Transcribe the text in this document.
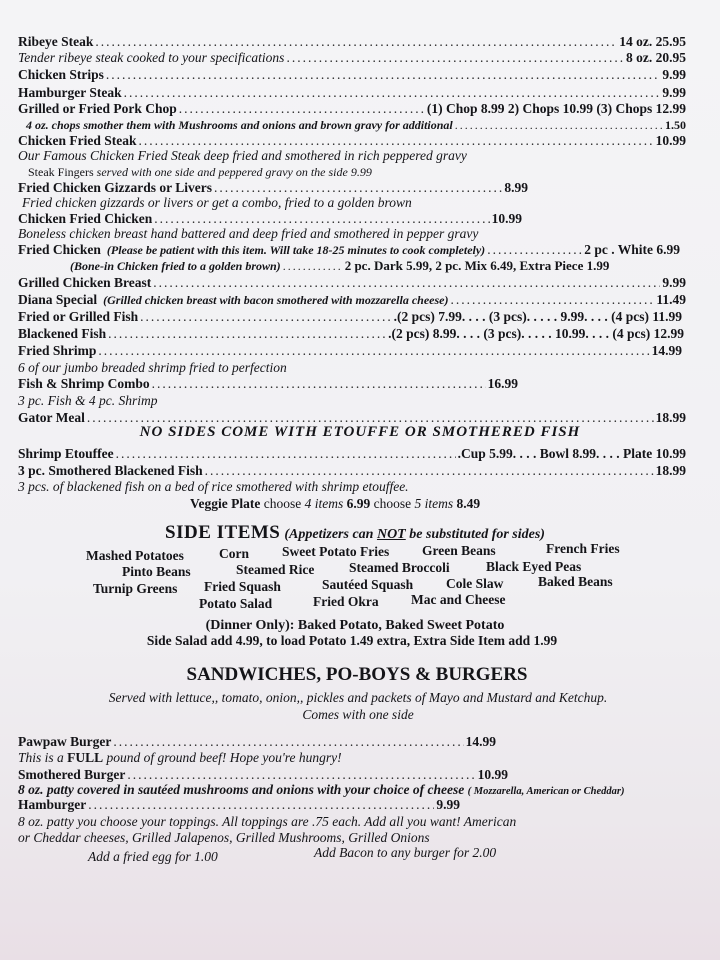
Ribeye Steak .....	14 oz. 25.95
Tender ribeye steak cooked to your specifications .....	8 oz. 20.95
Chicken Strips .....	9.99
Hamburger Steak .....	9.99
Grilled or Fried Pork Chop .....	(1) Chop 8.99 2) Chops 10.99 (3) Chops 12.99
4 oz. chops smother them with Mushrooms and onions and brown gravy for additional .....	1.50
Chicken Fried Steak .....	10.99
Our Famous Chicken Fried Steak deep fried and smothered in rich peppered gravy
Steak Fingers served with one side and peppered gravy on the side 9.99
Fried Chicken Gizzards or Livers .....	8.99
Fried chicken gizzards or livers or get a combo, fried to a golden brown
Chicken Fried Chicken .....	10.99
Boneless chicken breast hand battered and deep fried and smothered in pepper gravy
Fried Chicken (Please be patient with this item. Will take 18-25 minutes to cook completely) .....	2 pc . White 6.99
(Bone-in Chicken fried to a golden brown) .....	2 pc. Dark 5.99, 2 pc. Mix 6.49, Extra Piece 1.99
Grilled Chicken Breast .....	9.99
Diana Special (Grilled chicken breast with bacon smothered with mozzarella cheese) .....	11.49
Fried or Grilled Fish .....	.(2 pcs) 7.99. . . . (3 pcs). . . . . 9.99. . . . (4 pcs) 11.99
Blackened Fish .....	.(2 pcs) 8.99. . . . (3 pcs). . . . . 10.99. . . . (4 pcs) 12.99
Fried Shrimp .....	14.99
6 of our jumbo breaded shrimp fried to perfection
Fish & Shrimp Combo .....	16.99
3 pc. Fish & 4 pc. Shrimp
Gator Meal .....	18.99
NO SIDES COME WITH ETOUFFE OR SMOTHERED FISH
Shrimp Etouffee .....	.Cup 5.99. . . . Bowl 8.99. . . . Plate 10.99
3 pc. Smothered Blackened Fish .....	18.99
3 pcs. of blackened fish on a bed of rice smothered with shrimp etouffee.
Veggie Plate choose 4 items 6.99 choose 5 items 8.49
SIDE ITEMS (Appetizers can NOT be substituted for sides)
Mashed Potatoes	Corn Sweet Potato Fries Green Beans	French Fries
Pinto Beans	Steamed Rice	Steamed Broccoli	Black Eyed Peas
Turnip Greens Fried Squash	Sautéed Squash Cole Slaw	Baked Beans
Potato Salad	Fried Okra Mac and Cheese
(Dinner Only): Baked Potato, Baked Sweet Potato
Side Salad add 4.99, to load Potato 1.49 extra, Extra Side Item add 1.99
SANDWICHES, PO-BOYS & BURGERS
Served with lettuce,, tomato, onion,, pickles and packets of Mayo and Mustard and Ketchup.
Comes with one side
Pawpaw Burger .....	14.99
This is a FULL pound of ground beef! Hope you're hungry!
Smothered Burger .....	10.99
8 oz. patty covered in sautéed mushrooms and onions with your choice of cheese ( Mozzarella, American or Cheddar)
Hamburger .....	9.99
8 oz. patty you choose your toppings. All toppings are .75 each. Add all you want! American
or Cheddar cheeses, Grilled Jalapenos, Grilled Mushrooms, Grilled Onions
Add a fried egg for 1.00	Add Bacon to any burger for 2.00
